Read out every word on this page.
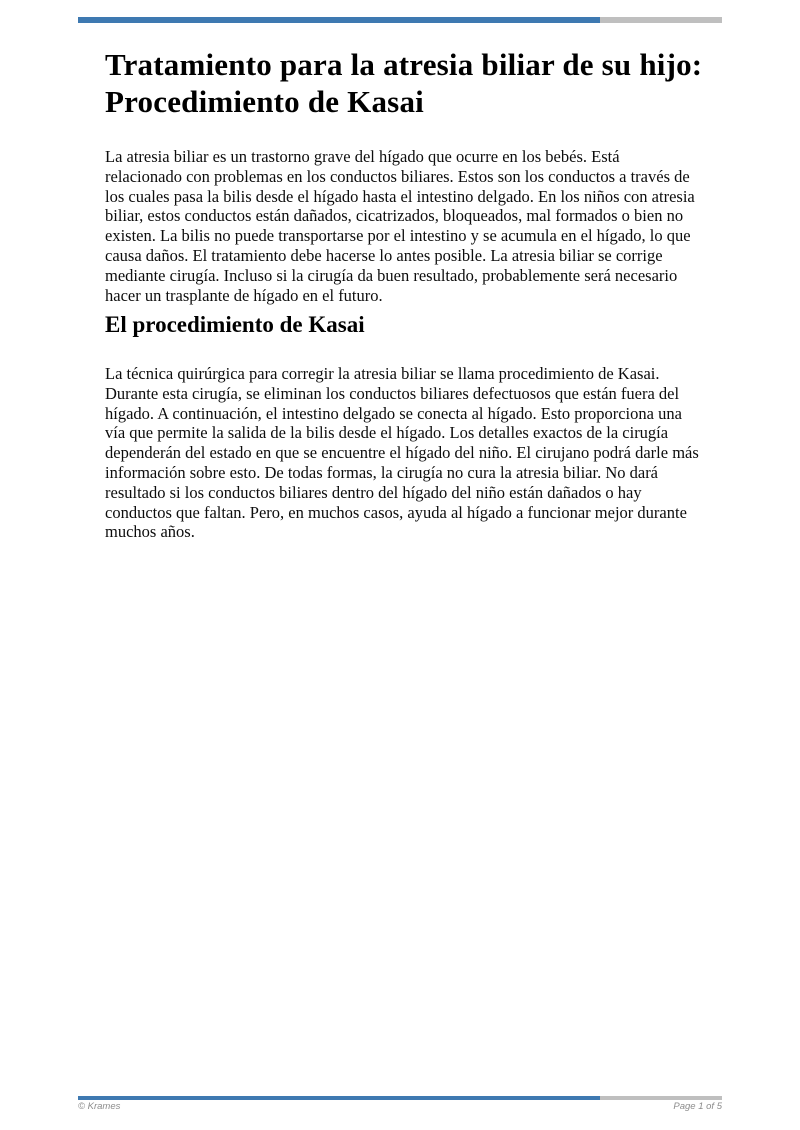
Tratamiento para la atresia biliar de su hijo: Procedimiento de Kasai

La atresia biliar es un trastorno grave del hígado que ocurre en los bebés. Está relacionado con problemas en los conductos biliares. Estos son los conductos a través de los cuales pasa la bilis desde el hígado hasta el intestino delgado. En los niños con atresia biliar, estos conductos están dañados, cicatrizados, bloqueados, mal formados o bien no existen. La bilis no puede transportarse por el intestino y se acumula en el hígado, lo que causa daños. El tratamiento debe hacerse lo antes posible. La atresia biliar se corrige mediante cirugía. Incluso si la cirugía da buen resultado, probablemente será necesario hacer un trasplante de hígado en el futuro.

El procedimiento de Kasai

La técnica quirúrgica para corregir la atresia biliar se llama procedimiento de Kasai. Durante esta cirugía, se eliminan los conductos biliares defectuosos que están fuera del hígado. A continuación, el intestino delgado se conecta al hígado. Esto proporciona una vía que permite la salida de la bilis desde el hígado. Los detalles exactos de la cirugía dependerán del estado en que se encuentre el hígado del niño. El cirujano podrá darle más información sobre esto. De todas formas, la cirugía no cura la atresia biliar. No dará resultado si los conductos biliares dentro del hígado del niño están dañados o hay conductos que faltan. Pero, en muchos casos, ayuda al hígado a funcionar mejor durante muchos años.

© Krames	Page 1 of 5
